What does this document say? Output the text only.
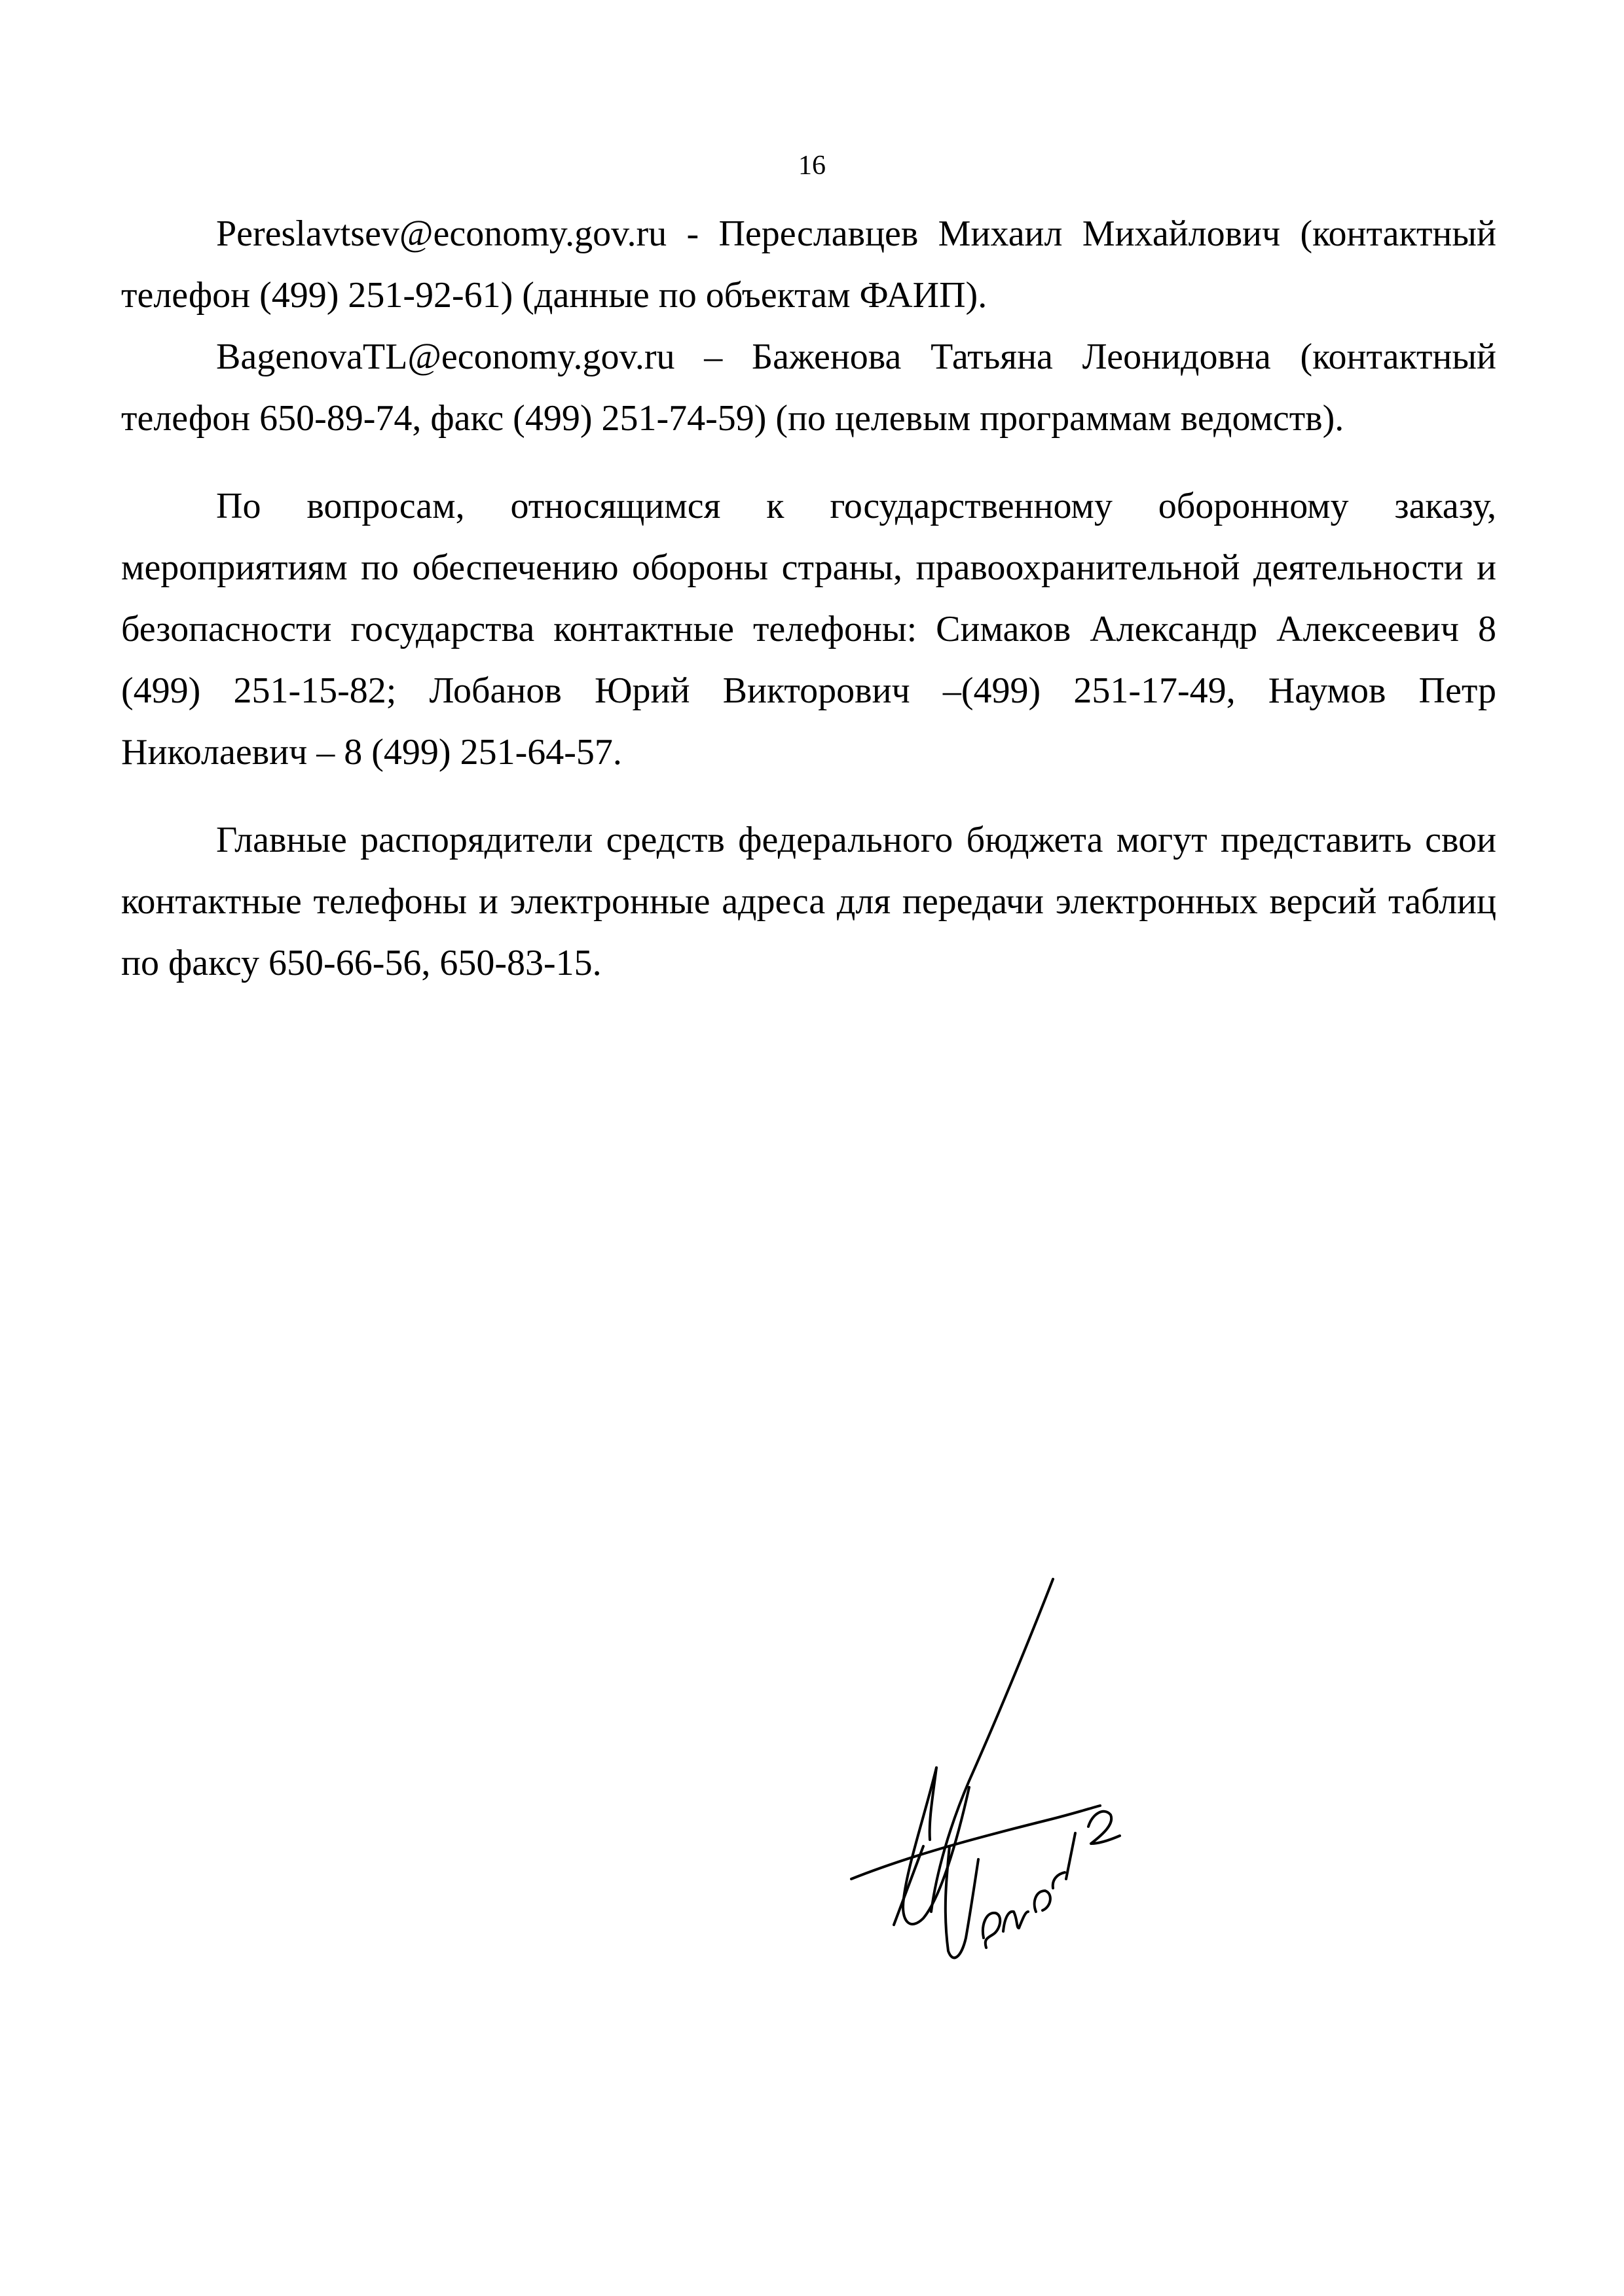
16

Pereslavtsev@economy.gov.ru - Переславцев Михаил Михайлович (контактный телефон (499) 251-92-61) (данные по объектам ФАИП).

BagenovaTL@economy.gov.ru – Баженова Татьяна Леонидовна (контактный телефон 650-89-74, факс (499) 251-74-59) (по целевым программам ведомств).

По вопросам, относящимся к государственному оборонному заказу, мероприятиям по обеспечению обороны страны, правоохранительной деятельности и безопасности государства контактные телефоны: Симаков Александр Алексеевич 8 (499) 251-15-82; Лобанов Юрий Викторович –(499) 251-17-49, Наумов Петр Николаевич – 8 (499) 251-64-57.

Главные распорядители средств федерального бюджета могут представить свои контактные телефоны и электронные адреса для передачи электронных версий таблиц по факсу 650-66-56, 650-83-15.
